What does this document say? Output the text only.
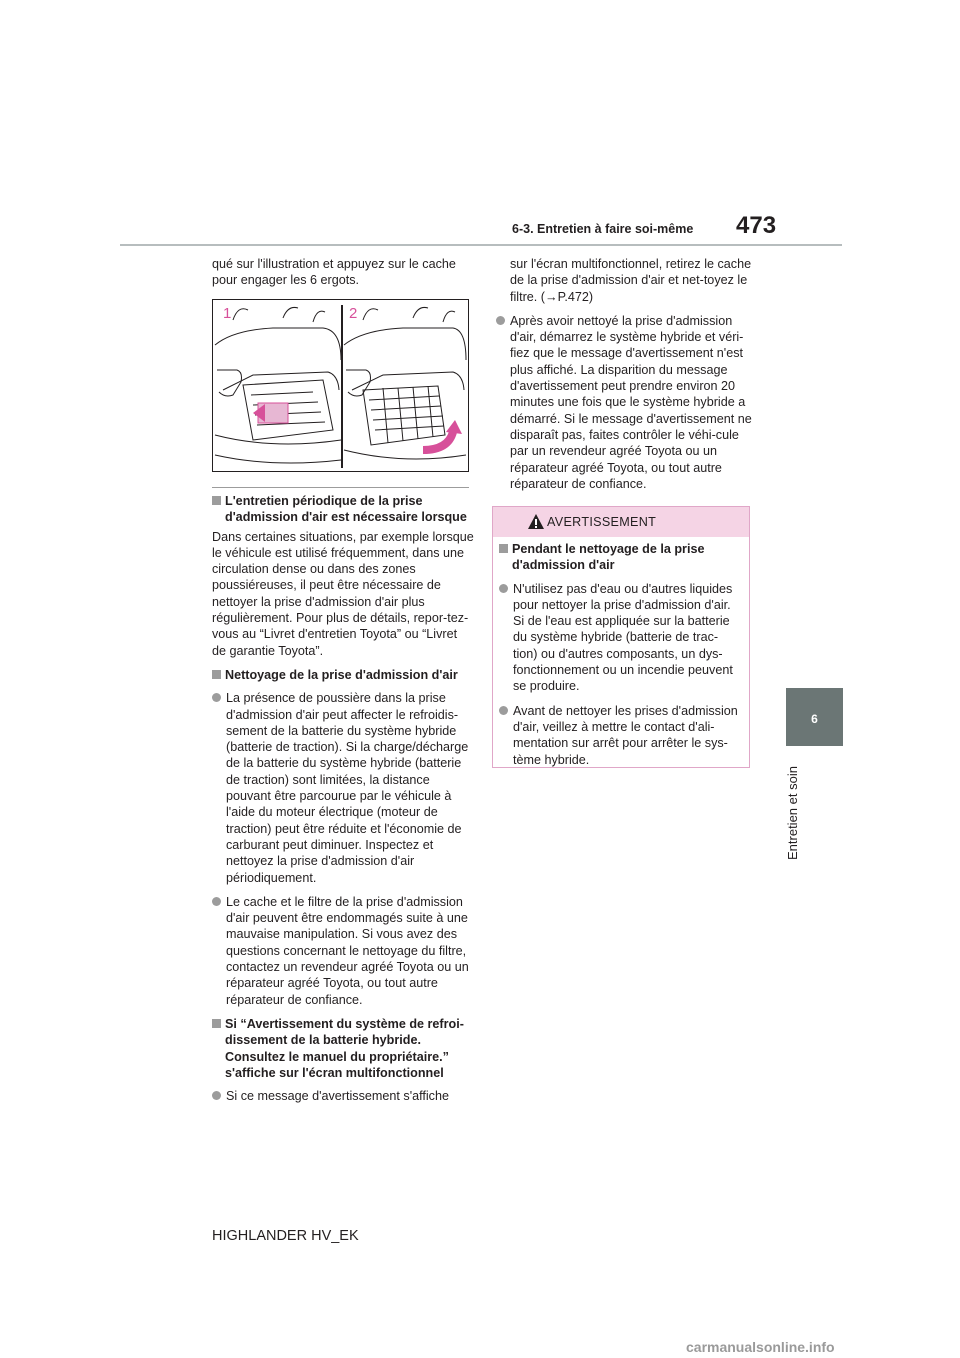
6-3. Entretien à faire soi-même	473
6
Entretien et soin

qué sur l'illustration et appuyez sur le cache pour engager les 6 ergots.

1	2
L'entretien périodique de la prise d'admission d'air est nécessaire lorsque

Dans certaines situations, par exemple lorsque le véhicule est utilisé fréquemment, dans une circulation dense ou dans des zones poussiéreuses, il peut être nécessaire de nettoyer la prise d'admission d'air plus régulièrement. Pour plus de détails, repor-tez-vous au “Livret d'entretien Toyota” ou “Livret de garantie Toyota”.

Nettoyage de la prise d'admission d'air
La présence de poussière dans la prise d'admission d'air peut affecter le refroidis-sement de la batterie du système hybride (batterie de traction). Si la charge/décharge de la batterie du système hybride (batterie de traction) sont limitées, la distance pouvant être parcourue par le véhicule à l'aide du moteur électrique (moteur de traction) peut être réduite et l'économie de carburant peut diminuer. Inspectez et nettoyez la prise d'admission d'air périodiquement.
Le cache et le filtre de la prise d'admission d'air peuvent être endommagés suite à une mauvaise manipulation. Si vous avez des questions concernant le nettoyage du filtre, contactez un revendeur agréé Toyota ou un réparateur agréé Toyota, ou tout autre réparateur de confiance.
Si “Avertissement du système de refroi-dissement de la batterie hybride. Consultez le manuel du propriétaire.” s'affiche sur l'écran multifonctionnel
Si ce message d'avertissement s'affiche

sur l'écran multifonctionnel, retirez le cache de la prise d'admission d'air et net-toyez le filtre. (→P.472)

Après avoir nettoyé la prise d'admission d'air, démarrez le système hybride et véri-fiez que le message d'avertissement n'est plus affiché. La disparition du message d'avertissement peut prendre environ 20 minutes une fois que le système hybride a démarré. Si le message d'avertissement ne disparaît pas, faites contrôler le véhi-cule par un revendeur agréé Toyota ou un réparateur agréé Toyota, ou tout autre réparateur de confiance.
AVERTISSEMENT
Pendant le nettoyage de la prise d'admission d'air
N'utilisez pas d'eau ou d'autres liquides pour nettoyer la prise d'admission d'air. Si de l'eau est appliquée sur la batterie du système hybride (batterie de trac-tion) ou d'autres composants, un dys-fonctionnement ou un incendie peuvent se produire.
Avant de nettoyer les prises d'admission d'air, veillez à mettre le contact d'ali-mentation sur arrêt pour arrêter le sys-tème hybride.
HIGHLANDER HV_EK
carmanualsonline.info
